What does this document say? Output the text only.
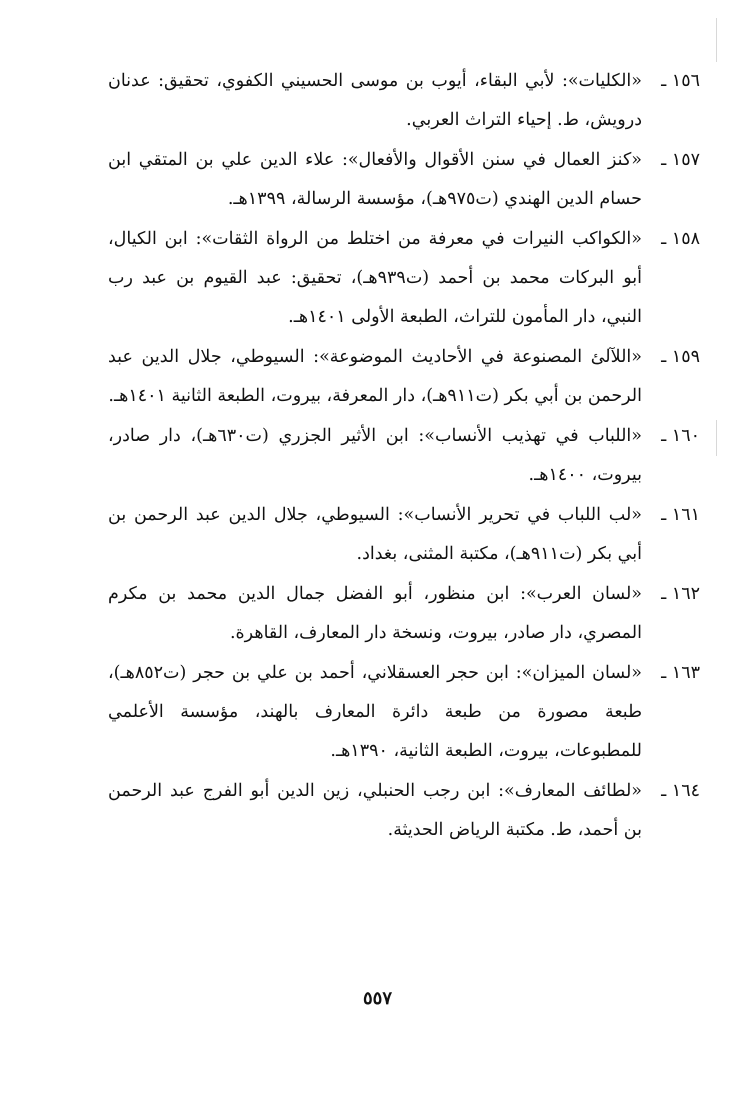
١٥٦ ـ
«الكليات»: لأبي البقاء، أيوب بن موسى الحسيني الكفوي، تحقيق: عدنان درويش، ط. إحياء التراث العربي.
١٥٧ ـ
«كنز العمال في سنن الأقوال والأفعال»: علاء الدين علي بن المتقي ابن حسام الدين الهندي (ت٩٧٥هـ)، مؤسسة الرسالة، ١٣٩٩هـ.
١٥٨ ـ
«الكواكب النيرات في معرفة من اختلط من الرواة الثقات»: ابن الكيال، أبو البركات محمد بن أحمد (ت٩٣٩هـ)، تحقيق: عبد القيوم بن عبد رب النبي، دار المأمون للتراث، الطبعة الأولى ١٤٠١هـ.
١٥٩ ـ
«اللآلئ المصنوعة في الأحاديث الموضوعة»: السيوطي، جلال الدين عبد الرحمن بن أبي بكر (ت٩١١هـ)، دار المعرفة، بيروت، الطبعة الثانية ١٤٠١هـ.
١٦٠ ـ
«اللباب في تهذيب الأنساب»: ابن الأثير الجزري (ت٦٣٠هـ)، دار صادر، بيروت، ١٤٠٠هـ.
١٦١ ـ
«لب اللباب في تحرير الأنساب»: السيوطي، جلال الدين عبد الرحمن بن أبي بكر (ت٩١١هـ)، مكتبة المثنى، بغداد.
١٦٢ ـ
«لسان العرب»: ابن منظور، أبو الفضل جمال الدين محمد بن مكرم المصري، دار صادر، بيروت، ونسخة دار المعارف، القاهرة.
١٦٣ ـ
«لسان الميزان»: ابن حجر العسقلاني، أحمد بن علي بن حجر (ت٨٥٢هـ)، طبعة مصورة من طبعة دائرة المعارف بالهند، مؤسسة الأعلمي للمطبوعات، بيروت، الطبعة الثانية، ١٣٩٠هـ.
١٦٤ ـ
«لطائف المعارف»: ابن رجب الحنبلي، زين الدين أبو الفرج عبد الرحمن بن أحمد، ط. مكتبة الرياض الحديثة.
٥٥٧
